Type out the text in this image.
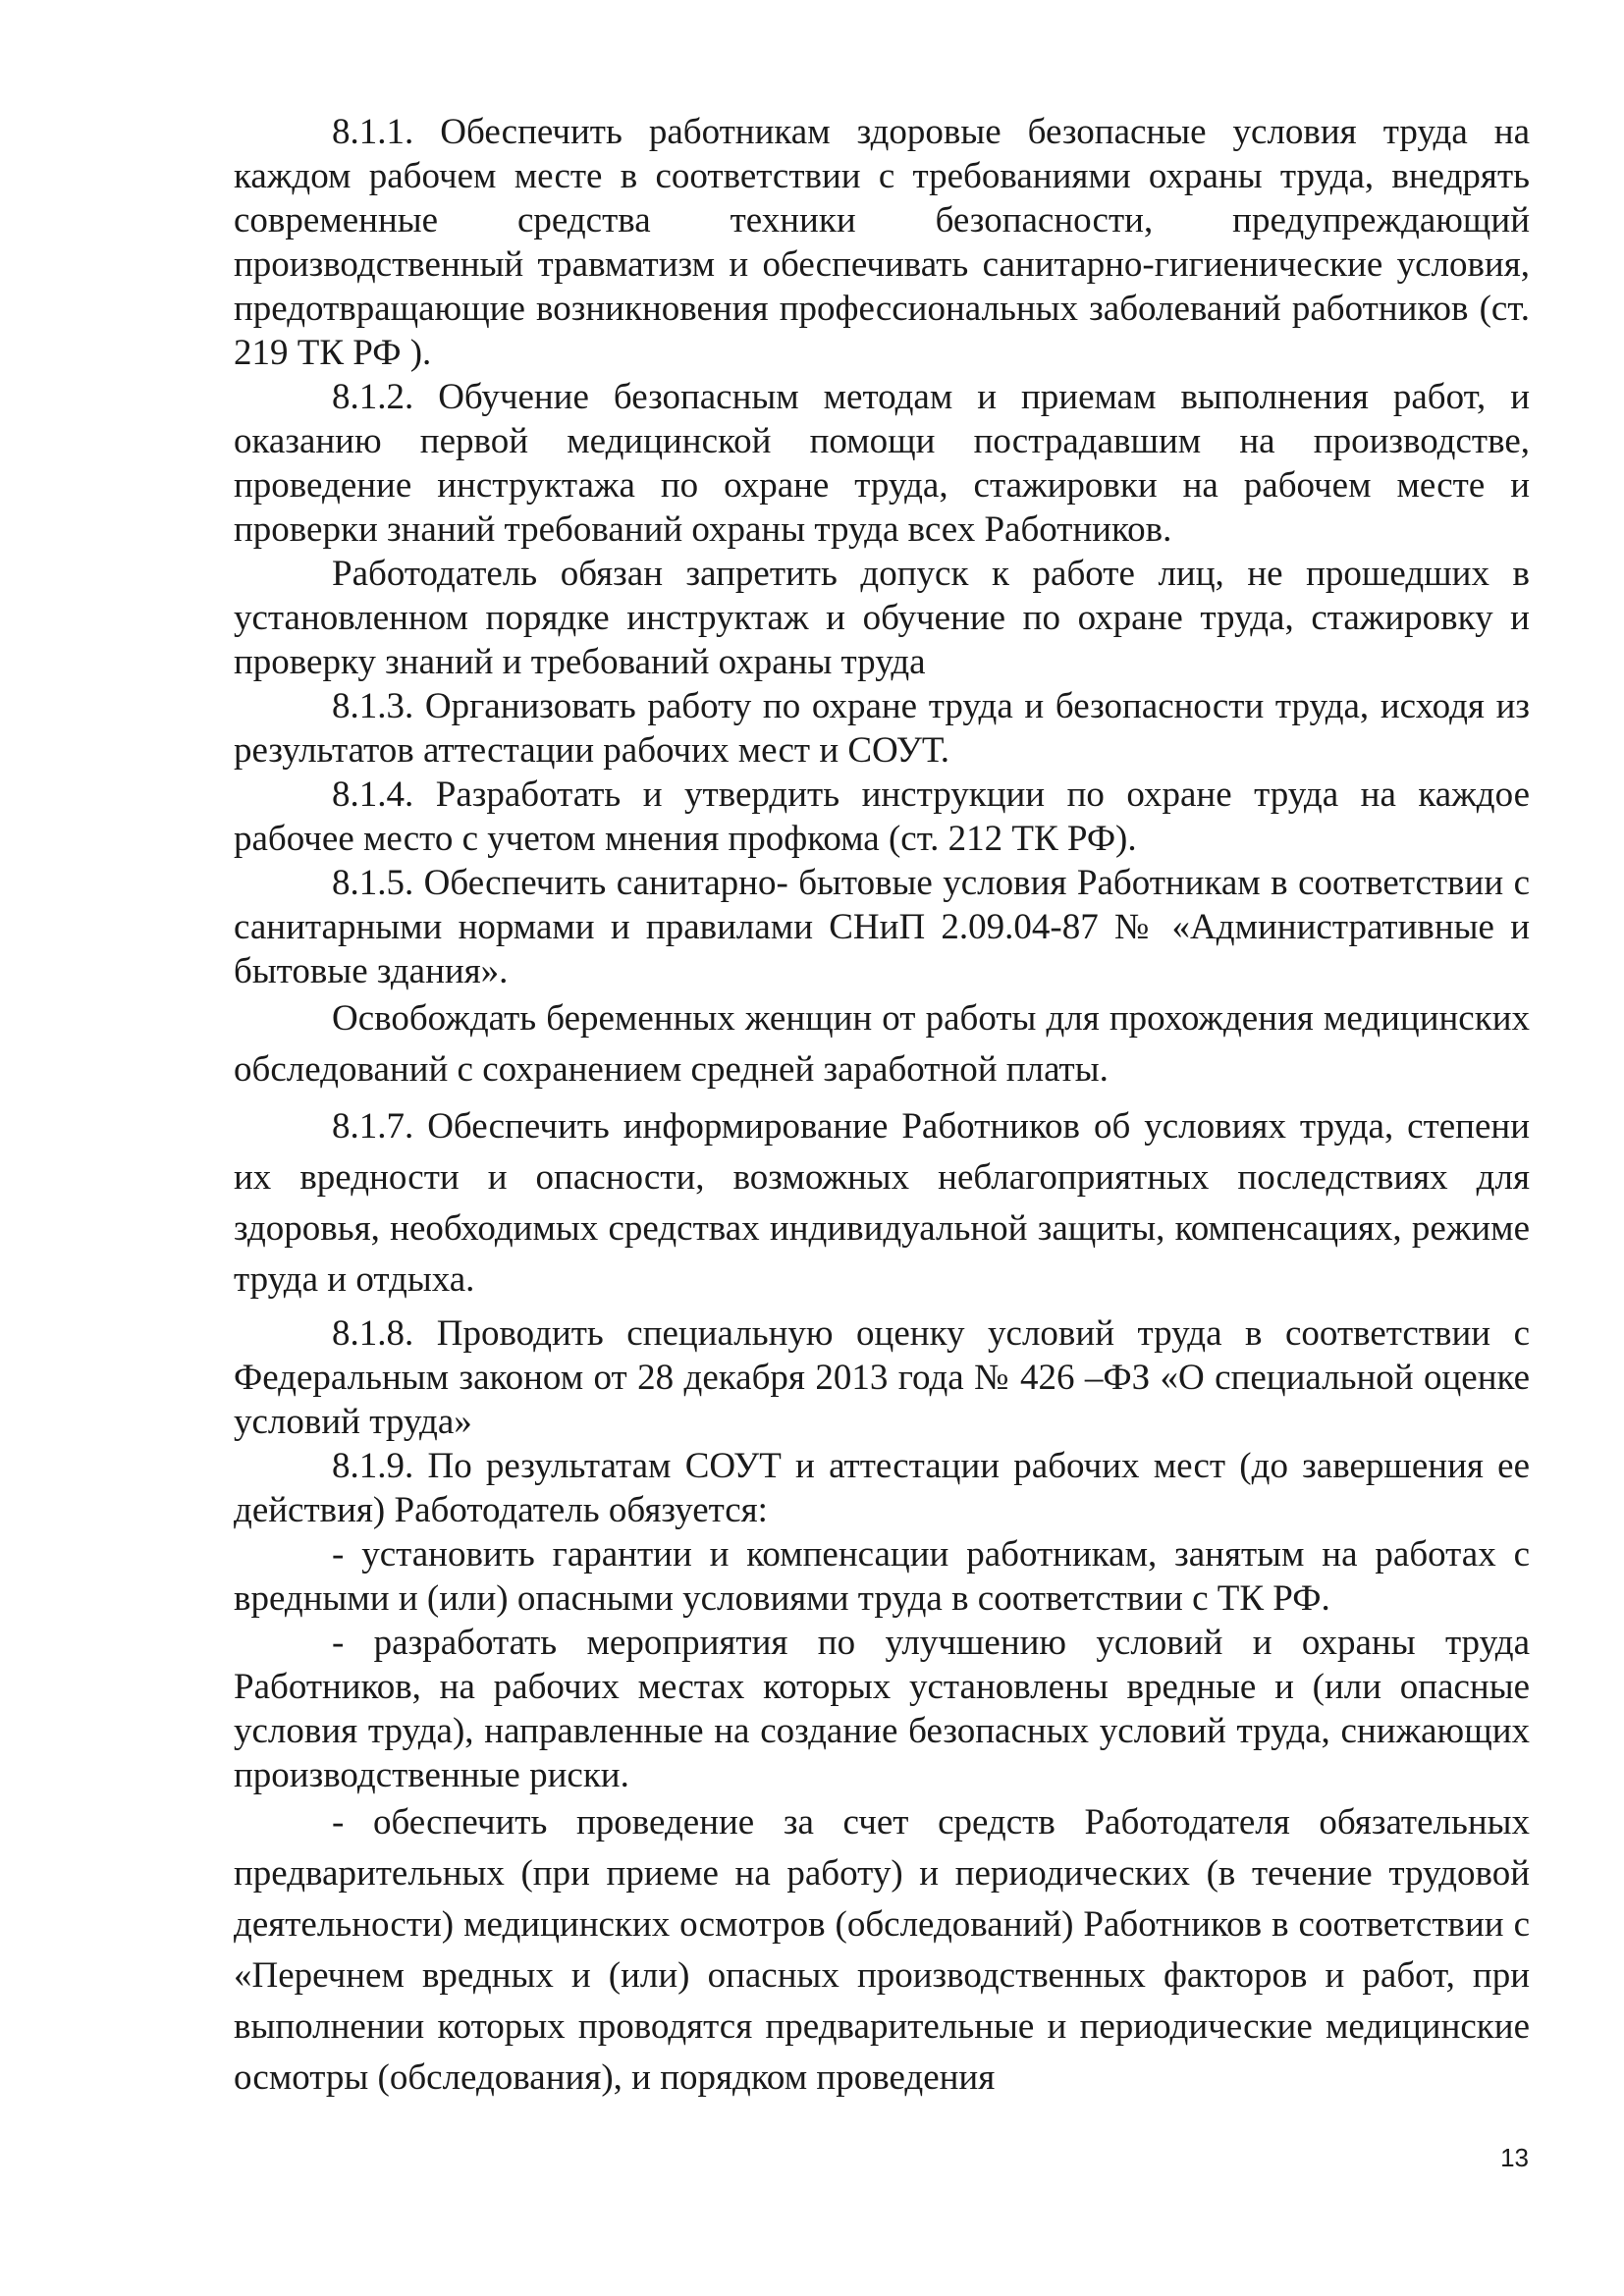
8.1.1. Обеспечить работникам здоровые безопасные условия труда на каждом рабочем месте в соответствии с требованиями охраны труда, внедрять современные средства техники безопасности, предупреждающий производственный травматизм и обеспечивать санитарно-гигиенические условия, предотвращающие возникновения профессиональных заболеваний работников (ст. 219 ТК РФ ).

8.1.2. Обучение безопасным методам и приемам выполнения работ, и оказанию первой медицинской помощи пострадавшим на производстве, проведение инструктажа по охране труда, стажировки на рабочем месте и проверки знаний требований охраны труда всех Работников.

Работодатель обязан запретить допуск к работе лиц, не прошедших в установленном порядке инструктаж и обучение по охране труда, стажировку и проверку знаний и требований охраны труда

8.1.3. Организовать работу по охране труда и безопасности труда, исходя из результатов аттестации рабочих мест и СОУТ.

8.1.4. Разработать и утвердить инструкции по охране труда на каждое рабочее место с учетом мнения профкома (ст. 212 ТК РФ).

8.1.5. Обеспечить санитарно- бытовые условия Работникам в соответствии с санитарными нормами и правилами СНиП 2.09.04-87 № «Административные и бытовые здания».

Освобождать беременных женщин от работы для прохождения медицинских обследований с сохранением средней заработной платы.

8.1.7. Обеспечить информирование Работников об условиях труда, степени их вредности и опасности, возможных неблагоприятных последствиях для здоровья, необходимых средствах индивидуальной защиты, компенсациях, режиме труда и отдыха.

8.1.8. Проводить специальную оценку условий труда в соответствии с Федеральным законом от 28 декабря 2013 года № 426 –ФЗ «О специальной оценке условий труда»

8.1.9. По результатам СОУТ и аттестации рабочих мест (до завершения ее действия) Работодатель обязуется:

- установить гарантии и компенсации работникам, занятым на работах с вредными и (или) опасными условиями труда в соответствии с ТК РФ.

- разработать мероприятия по улучшению условий и охраны труда Работников, на рабочих местах которых установлены вредные и (или опасные условия труда), направленные на создание безопасных условий труда, снижающих производственные риски.

- обеспечить проведение за счет средств Работодателя обязательных предварительных (при приеме на работу) и периодических (в течение трудовой деятельности) медицинских осмотров (обследований) Работников в соответствии с «Перечнем вредных и (или) опасных производственных факторов и работ, при выполнении которых проводятся предварительные и периодические медицинские осмотры (обследования), и порядком проведения

13
